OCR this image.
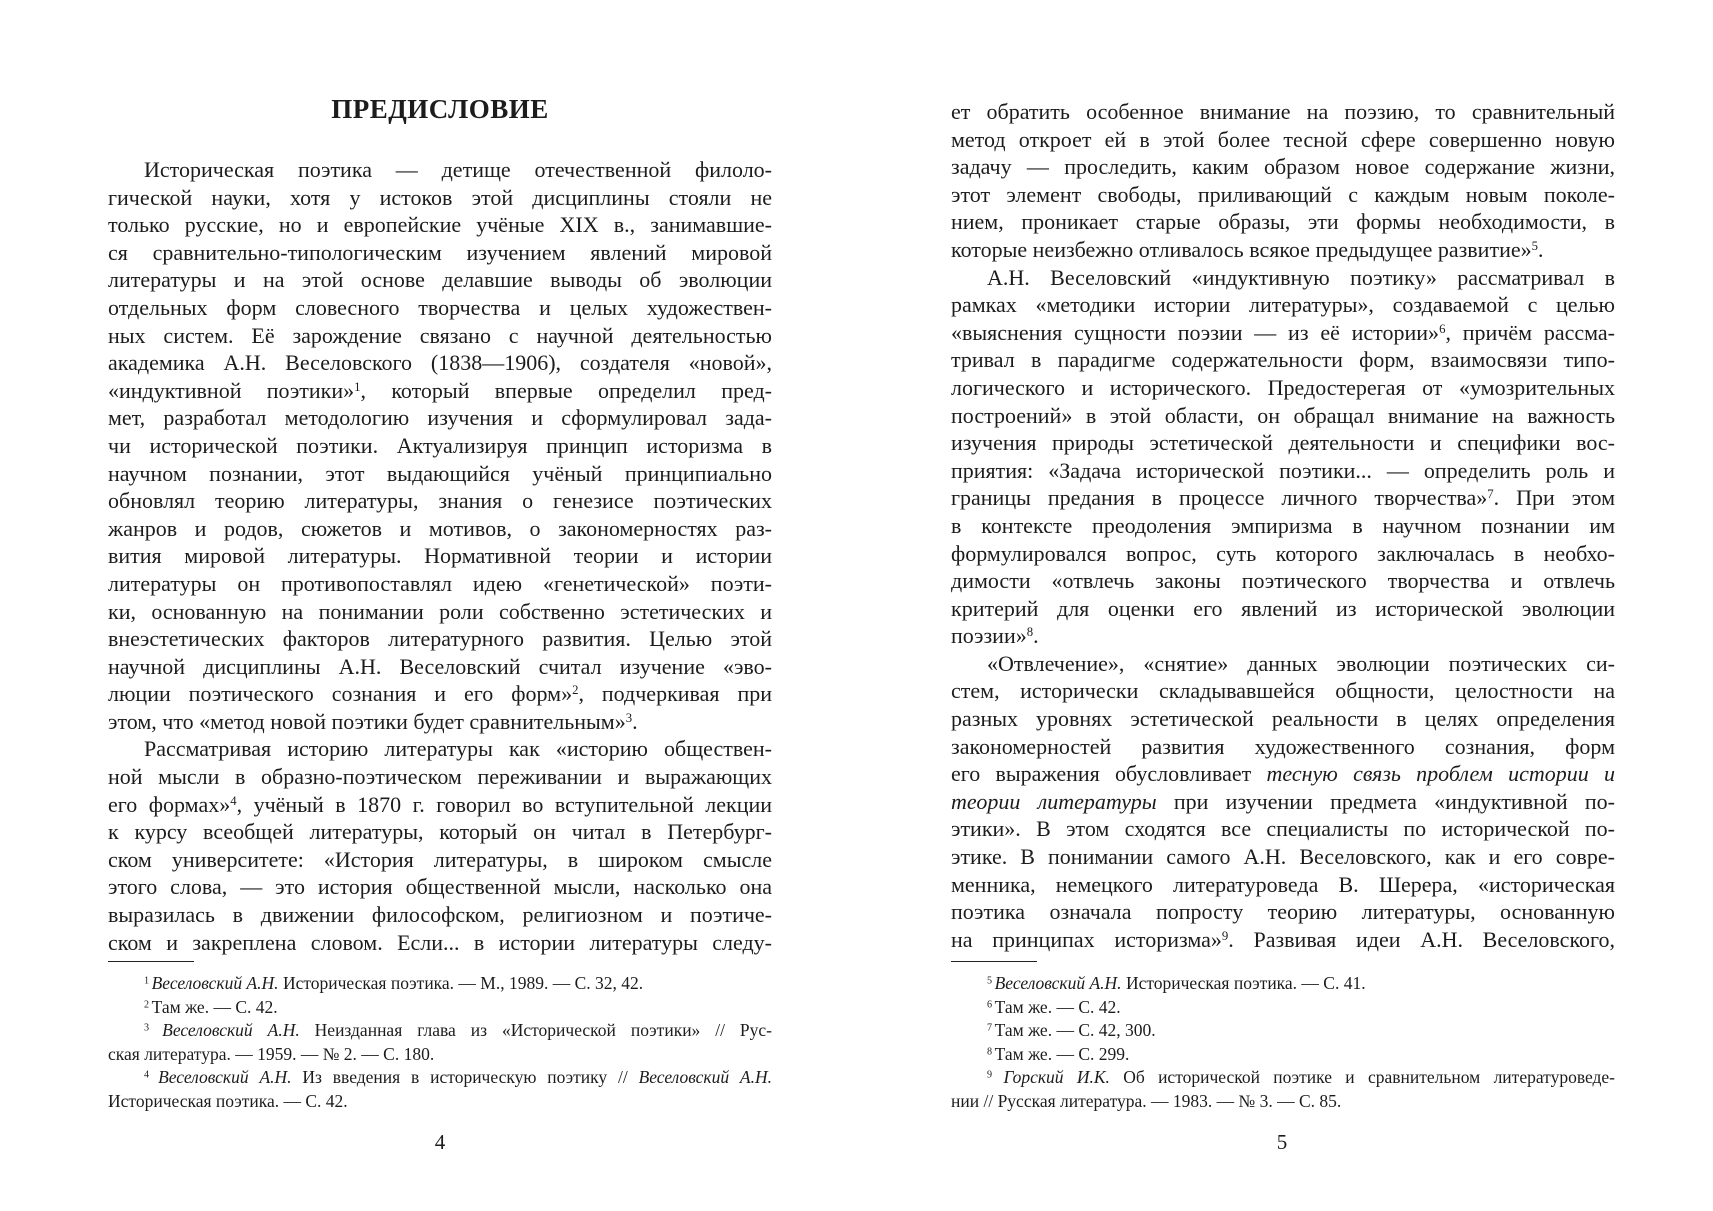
ПРЕДИСЛОВИЕ
Историческая поэтика — детище отечественной филоло-
гической науки, хотя у истоков этой дисциплины стояли не
только русские, но и европейские учёные XIX в., занимавшие-
ся сравнительно-типологическим изучением явлений мировой
литературы и на этой основе делавшие выводы об эволюции
отдельных форм словесного творчества и целых художествен-
ных систем. Её зарождение связано с научной деятельностью
академика А.Н. Веселовского (1838—1906), создателя «новой»,
«индуктивной поэтики»$^1$, который впервые определил пред-
мет, разработал методологию изучения и сформулировал зада-
чи исторической поэтики. Актуализируя принцип историзма в
научном познании, этот выдающийся учёный принципиально
обновлял теорию литературы, знания о генезисе поэтических
жанров и родов, сюжетов и мотивов, о закономерностях раз-
вития мировой литературы. Нормативной теории и истории
литературы он противопоставлял идею «генетической» поэти-
ки, основанную на понимании роли собственно эстетических и
внеэстетических факторов литературного развития. Целью этой
научной дисциплины А.Н. Веселовский считал изучение «эво-
люции поэтического сознания и его форм»$^2$, подчеркивая при
этом, что «метод новой поэтики будет сравнительным»$^3$.
Рассматривая историю литературы как «историю обществен-
ной мысли в образно-поэтическом переживании и выражающих
его формах»$^4$, учёный в 1870 г. говорил во вступительной лекции
к курсу всеобщей литературы, который он читал в Петербург-
ском университете: «История литературы, в широком смысле
этого слова, — это история общественной мысли, насколько она
выразилась в движении философском, религиозном и поэтиче-
ском и закреплена словом. Если... в истории литературы следу-
$^1$ Веселовский А.Н. Историческая поэтика. — М., 1989. — С. 32, 42.
$^2$ Там же. — С. 42.
$^3$ Веселовский А.Н. Неизданная глава из «Исторической поэтики» // Рус-
ская литература. — 1959. — № 2. — С. 180.
$^4$ Веселовский А.Н. Из введения в историческую поэтику // Веселовский А.Н.
Историческая поэтика. — С. 42.
4
ет обратить особенное внимание на поэзию, то сравнительный
метод откроет ей в этой более тесной сфере совершенно новую
задачу — проследить, каким образом новое содержание жизни,
этот элемент свободы, приливающий с каждым новым поколе-
нием, проникает старые образы, эти формы необходимости, в
которые неизбежно отливалось всякое предыдущее развитие»$^5$.
А.Н. Веселовский «индуктивную поэтику» рассматривал в
рамках «методики истории литературы», создаваемой с целью
«выяснения сущности поэзии — из её истории»$^6$, причём рассма-
тривал в парадигме содержательности форм, взаимосвязи типо-
логического и исторического. Предостерегая от «умозрительных
построений» в этой области, он обращал внимание на важность
изучения природы эстетической деятельности и специфики вос-
приятия: «Задача исторической поэтики... — определить роль и
границы предания в процессе личного творчества»$^7$. При этом
в контексте преодоления эмпиризма в научном познании им
формулировался вопрос, суть которого заключалась в необхо-
димости «отвлечь законы поэтического творчества и отвлечь
критерий для оценки его явлений из исторической эволюции
поэзии»$^8$.
«Отвлечение», «снятие» данных эволюции поэтических си-
стем, исторически складывавшейся общности, целостности на
разных уровнях эстетической реальности в целях определения
закономерностей развития художественного сознания, форм
его выражения обусловливает тесную связь проблем истории и
теории литературы при изучении предмета «индуктивной по-
этики». В этом сходятся все специалисты по исторической по-
этике. В понимании самого А.Н. Веселовского, как и его совре-
менника, немецкого литературоведа В. Шерера, «историческая
поэтика означала попросту теорию литературы, основанную
на принципах историзма»$^9$. Развивая идеи А.Н. Веселовского,
$^5$ Веселовский А.Н. Историческая поэтика. — С. 41.
$^6$ Там же. — С. 42.
$^7$ Там же. — С. 42, 300.
$^8$ Там же. — С. 299.
$^9$ Горский И.К. Об исторической поэтике и сравнительном литературоведе-
нии // Русская литература. — 1983. — № 3. — С. 85.
5
